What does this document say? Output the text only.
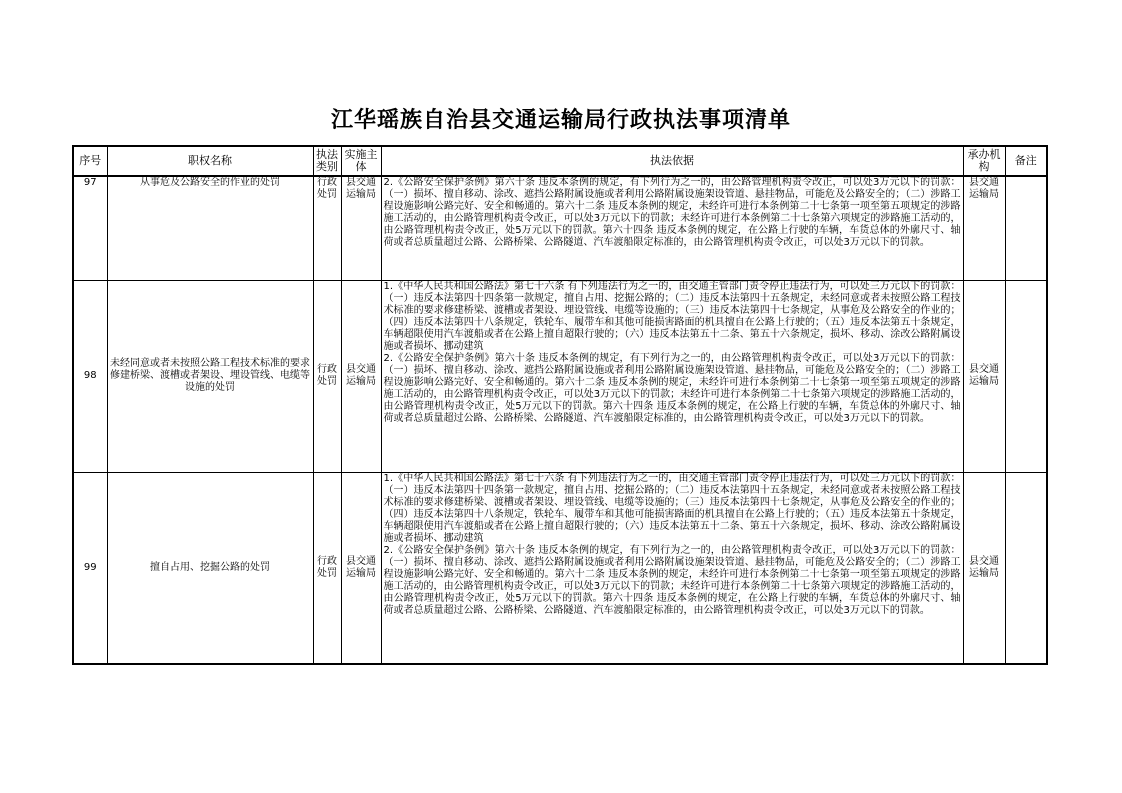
江华瑶族自治县交通运输局行政执法事项清单
序号	职权名称	执法类别	实施主体	执法依据	承办机构	备注
97	从事危及公路安全的作业的处罚	行政处罚	县交通运输局	2.《公路安全保护条例》第六十条 违反本条例的规定，有下列行为之一的，由公路管理机构责令改正，可以处3万元以下的罚款：（一）损坏、擅自移动、涂改、遮挡公路附属设施或者利用公路附属设施架设管道、悬挂物品，可能危及公路安全的；（二）涉路工程设施影响公路完好、安全和畅通的。第六十二条 违反本条例的规定，未经许可进行本条例第二十七条第一项至第五项规定的涉路施工活动的，由公路管理机构责令改正，可以处3万元以下的罚款；未经许可进行本条例第二十七条第六项规定的涉路施工活动的，由公路管理机构责令改正，处5万元以下的罚款。第六十四条 违反本条例的规定，在公路上行驶的车辆，车货总体的外廓尺寸、轴荷或者总质量超过公路、公路桥梁、公路隧道、汽车渡船限定标准的，由公路管理机构责令改正，可以处3万元以下的罚款。	县交通运输局	
98	未经同意或者未按照公路工程技术标准的要求修建桥梁、渡槽或者架设、埋设管线、电缆等设施的处罚	行政处罚	县交通运输局	1.《中华人民共和国公路法》第七十六条 有下列违法行为之一的，由交通主管部门责令停止违法行为，可以处三万元以下的罚款：（一）违反本法第四十四条第一款规定，擅自占用、挖掘公路的；（二）违反本法第四十五条规定，未经同意或者未按照公路工程技术标准的要求修建桥梁、渡槽或者架设、埋设管线、电缆等设施的；（三）违反本法第四十七条规定，从事危及公路安全的作业的；（四）违反本法第四十八条规定，铁轮车、履带车和其他可能损害路面的机具擅自在公路上行驶的；（五）违反本法第五十条规定，车辆超限使用汽车渡船或者在公路上擅自超限行驶的；（六）违反本法第五十二条、第五十六条规定，损坏、移动、涂改公路附属设施或者损坏、挪动建筑

2.《公路安全保护条例》第六十条 违反本条例的规定，有下列行为之一的，由公路管理机构责令改正，可以处3万元以下的罚款：（一）损坏、擅自移动、涂改、遮挡公路附属设施或者利用公路附属设施架设管道、悬挂物品，可能危及公路安全的；（二）涉路工程设施影响公路完好、安全和畅通的。第六十二条 违反本条例的规定，未经许可进行本条例第二十七条第一项至第五项规定的涉路施工活动的，由公路管理机构责令改正，可以处3万元以下的罚款；未经许可进行本条例第二十七条第六项规定的涉路施工活动的，由公路管理机构责令改正，处5万元以下的罚款。第六十四条 违反本条例的规定，在公路上行驶的车辆，车货总体的外廓尺寸、轴荷或者总质量超过公路、公路桥梁、公路隧道、汽车渡船限定标准的，由公路管理机构责令改正，可以处3万元以下的罚款。	县交通运输局	
99	擅自占用、挖掘公路的处罚	行政处罚	县交通运输局	1.《中华人民共和国公路法》第七十六条 有下列违法行为之一的，由交通主管部门责令停止违法行为，可以处三万元以下的罚款：（一）违反本法第四十四条第一款规定，擅自占用、挖掘公路的；（二）违反本法第四十五条规定，未经同意或者未按照公路工程技术标准的要求修建桥梁、渡槽或者架设、埋设管线、电缆等设施的；（三）违反本法第四十七条规定，从事危及公路安全的作业的；（四）违反本法第四十八条规定，铁轮车、履带车和其他可能损害路面的机具擅自在公路上行驶的；（五）违反本法第五十条规定，车辆超限使用汽车渡船或者在公路上擅自超限行驶的；（六）违反本法第五十二条、第五十六条规定，损坏、移动、涂改公路附属设施或者损坏、挪动建筑

2.《公路安全保护条例》第六十条 违反本条例的规定，有下列行为之一的，由公路管理机构责令改正，可以处3万元以下的罚款：（一）损坏、擅自移动、涂改、遮挡公路附属设施或者利用公路附属设施架设管道、悬挂物品，可能危及公路安全的；（二）涉路工程设施影响公路完好、安全和畅通的。第六十二条 违反本条例的规定，未经许可进行本条例第二十七条第一项至第五项规定的涉路施工活动的，由公路管理机构责令改正，可以处3万元以下的罚款；未经许可进行本条例第二十七条第六项规定的涉路施工活动的，由公路管理机构责令改正，处5万元以下的罚款。第六十四条 违反本条例的规定，在公路上行驶的车辆，车货总体的外廓尺寸、轴荷或者总质量超过公路、公路桥梁、公路隧道、汽车渡船限定标准的，由公路管理机构责令改正，可以处3万元以下的罚款。	县交通运输局	
